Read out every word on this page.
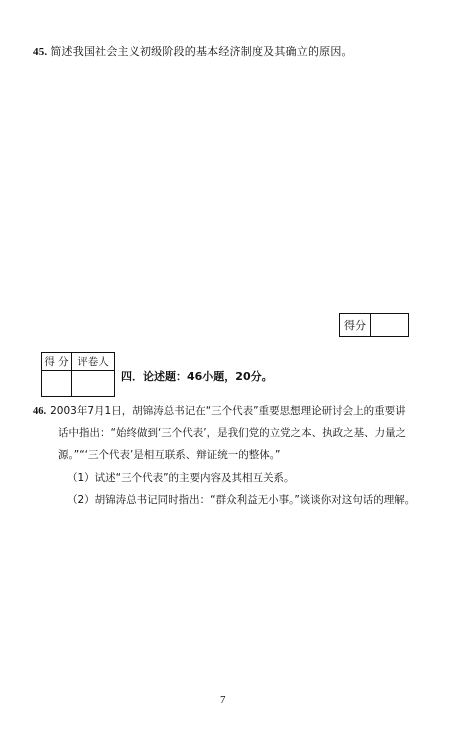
45. 简述我国社会主义初级阶段的基本经济制度及其确立的原因。
得分
得 分 评卷人
四．论述题：46小题，20分。
46. 2003年7月1日，胡锦涛总书记在“三个代表”重要思想理论研讨会上的重要讲
话中指出：“始终做到‘三个代表’，是我们党的立党之本、执政之基、力量之
源。”“‘三个代表’是相互联系、辩证统一的整体。”
（1）试述“三个代表”的主要内容及其相互关系。
（2）胡锦涛总书记同时指出：“群众利益无小事。”谈谈你对这句话的理解。
7
